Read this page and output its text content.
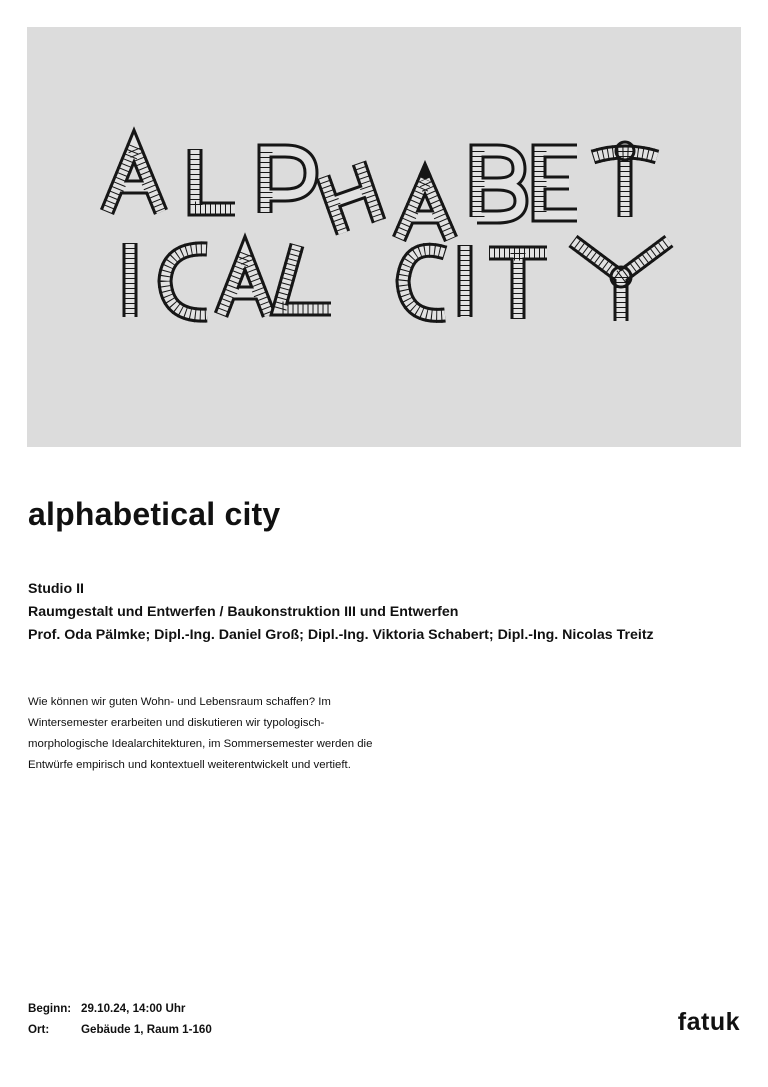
alphabetical city
Studio II
Raumgestalt und Entwerfen / Baukonstruktion III und Entwerfen
Prof. Oda Pälmke; Dipl.-Ing. Daniel Groß; Dipl.-Ing. Viktoria Schabert; Dipl.-Ing. Nicolas Treitz

Wie können wir guten Wohn- und Lebensraum schaffen? Im Wintersemester erarbeiten und diskutieren wir typologisch-morphologische Idealarchitekturen, im Sommersemester werden die Entwürfe empirisch und kontextuell weiterentwickelt und vertieft.

Beginn: 29.10.24, 14:00 Uhr
Ort:	Gebäude 1, Raum 1-160	fatuk
